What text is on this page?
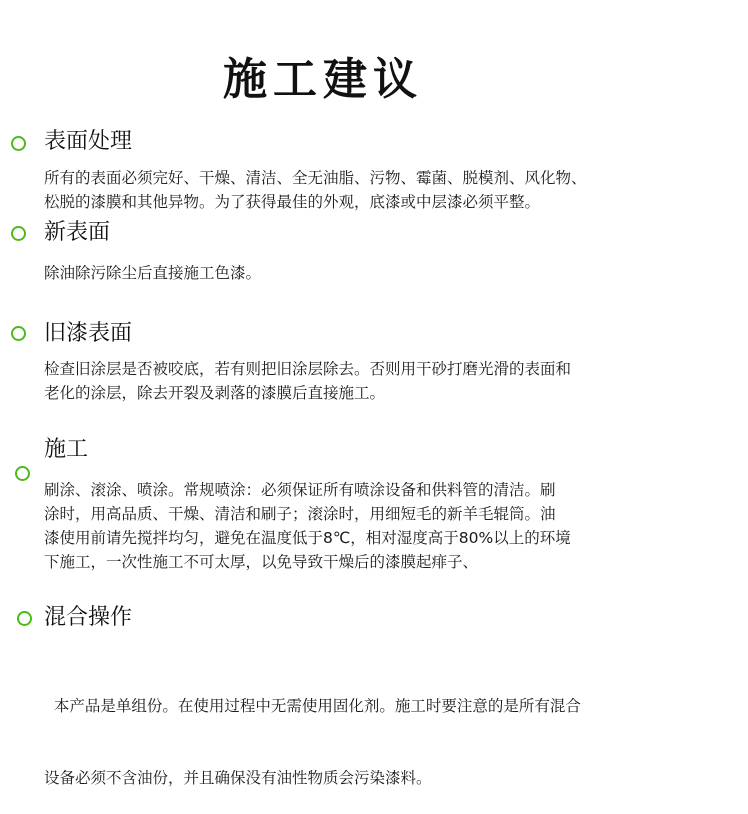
施工建议
表面处理
所有的表面必须完好、干燥、清洁、全无油脂、污物、霉菌、脱模剂、风化物、
松脱的漆膜和其他异物。为了获得最佳的外观，底漆或中层漆必须平整。
新表面
除油除污除尘后直接施工色漆。
旧漆表面
检查旧涂层是否被咬底，若有则把旧涂层除去。否则用干砂打磨光滑的表面和
老化的涂层，除去开裂及剥落的漆膜后直接施工。
施工
刷涂、滚涂、喷涂。常规喷涂：必须保证所有喷涂设备和供料管的清洁。刷
涂时，用高品质、干燥、清洁和刷子；滚涂时，用细短毛的新羊毛辊筒。油
漆使用前请先搅拌均匀，避免在温度低于8℃，相对湿度高于80%以上的环境
下施工，一次性施工不可太厚，以免导致干燥后的漆膜起痱子、
混合操作

本产品是单组份。在使用过程中无需使用固化剂。施工时要注意的是所有混合

设备必须不含油份，并且确保没有油性物质会污染漆料。
